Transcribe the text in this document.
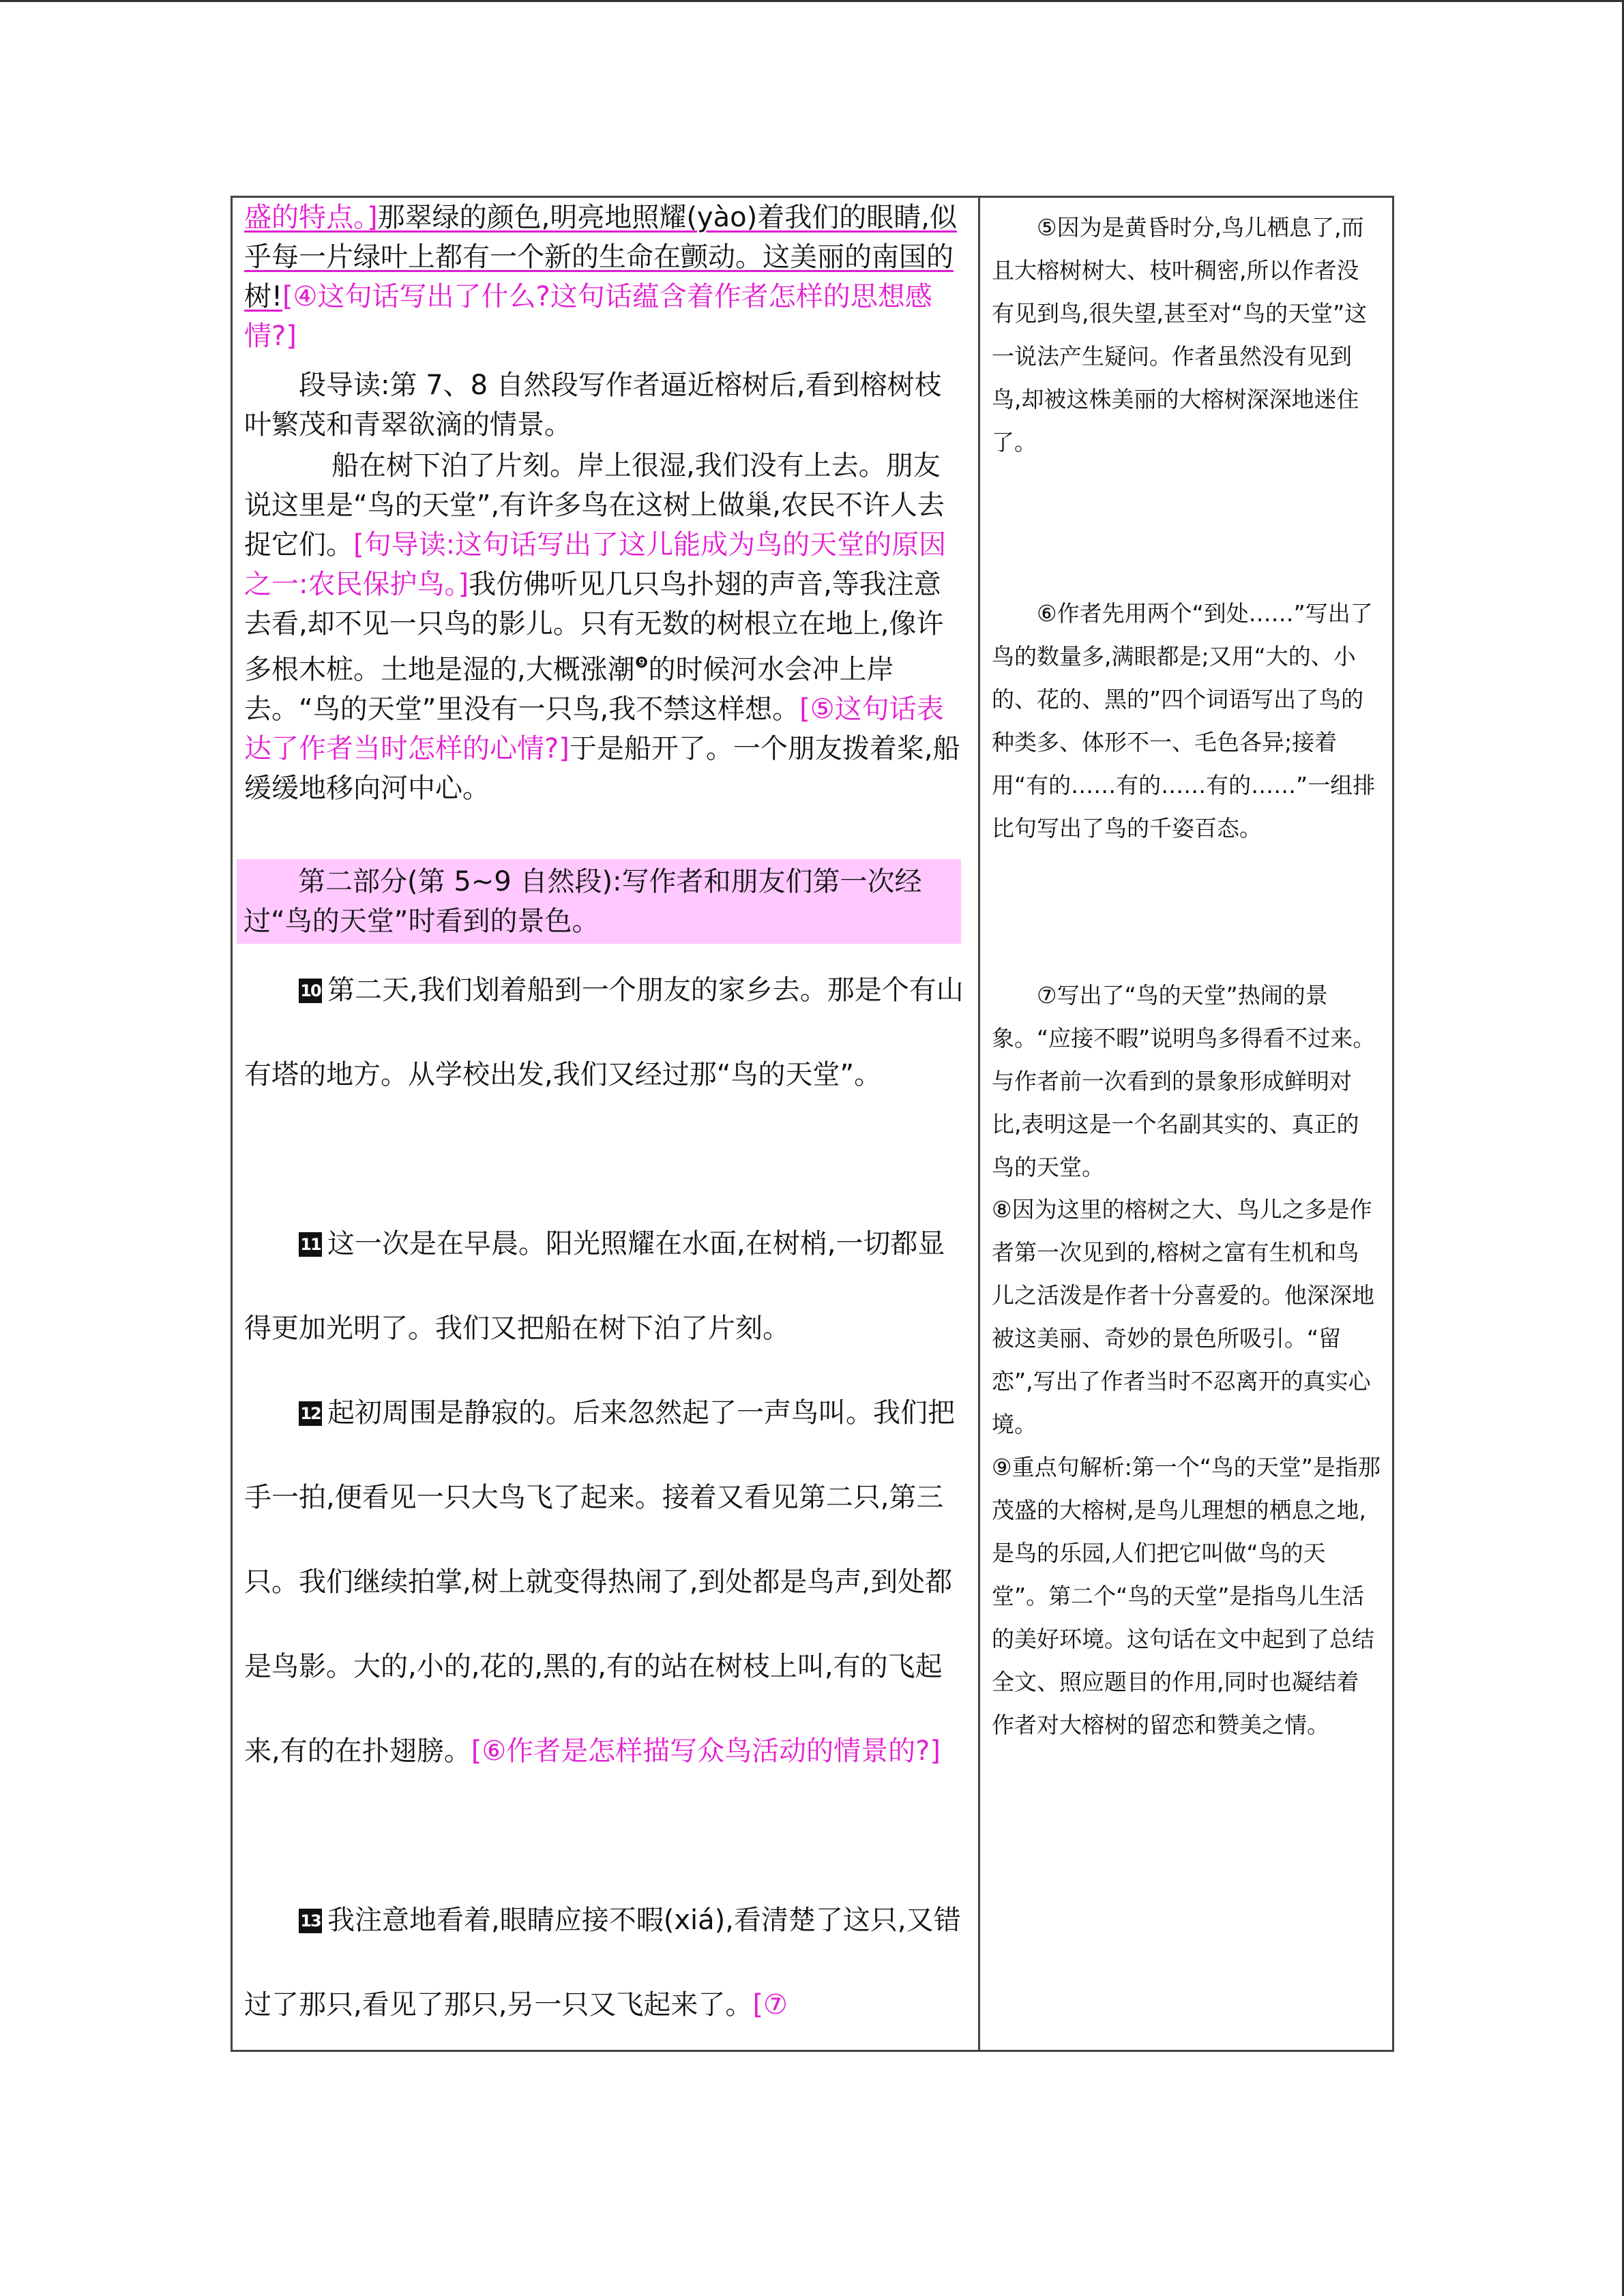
盛的特点。]那翠绿的颜色,明亮地照耀(yào)着我们的眼睛,似乎每一片绿叶上都有一个新的生命在颤动。这美丽的南国的树![④这句话写出了什么?这句话蕴含着作者怎样的思想感情?]

段导读:第 7、8 自然段写作者逼近榕树后,看到榕树枝叶繁茂和青翠欲滴的情景。

船在树下泊了片刻。岸上很湿,我们没有上去。朋友说这里是“鸟的天堂”,有许多鸟在这树上做巢,农民不许人去捉它们。[句导读:这句话写出了这儿能成为鸟的天堂的原因之一:农民保护鸟。]我仿佛听见几只鸟扑翅的声音,等我注意去看,却不见一只鸟的影儿。只有无数的树根立在地上,像许多根木桩。土地是湿的,大概涨潮$^❾$的时候河水会冲上岸去。“鸟的天堂”里没有一只鸟,我不禁这样想。[⑤这句话表达了作者当时怎样的心情?]于是船开了。一个朋友拨着桨,船缓缓地移向河中心。

第二部分(第 5~9 自然段):写作者和朋友们第一次经过“鸟的天堂”时看到的景色。

10 第二天,我们划着船到一个朋友的家乡去。那是个有山有塔的地方。从学校出发,我们又经过那“鸟的天堂”。

11 这一次是在早晨。阳光照耀在水面,在树梢,一切都显得更加光明了。我们又把船在树下泊了片刻。

12 起初周围是静寂的。后来忽然起了一声鸟叫。我们把手一拍,便看见一只大鸟飞了起来。接着又看见第二只,第三只。我们继续拍掌,树上就变得热闹了,到处都是鸟声,到处都是鸟影。大的,小的,花的,黑的,有的站在树枝上叫,有的飞起来,有的在扑翅膀。[⑥作者是怎样描写众鸟活动的情景的?]

13 我注意地看着,眼睛应接不暇(xiá),看清楚了这只,又错过了那只,看见了那只,另一只又飞起来了。[⑦

⑤因为是黄昏时分,鸟儿栖息了,而且大榕树树大、枝叶稠密,所以作者没有见到鸟,很失望,甚至对“鸟的天堂”这一说法产生疑问。作者虽然没有见到鸟,却被这株美丽的大榕树深深地迷住了。

⑥作者先用两个“到处……”写出了鸟的数量多,满眼都是;又用“大的、小的、花的、黑的”四个词语写出了鸟的种类多、体形不一、毛色各异;接着用“有的……有的……有的……”一组排比句写出了鸟的千姿百态。

⑦写出了“鸟的天堂”热闹的景象。“应接不暇”说明鸟多得看不过来。与作者前一次看到的景象形成鲜明对比,表明这是一个名副其实的、真正的鸟的天堂。

⑧因为这里的榕树之大、鸟儿之多是作者第一次见到的,榕树之富有生机和鸟儿之活泼是作者十分喜爱的。他深深地被这美丽、奇妙的景色所吸引。“留恋”,写出了作者当时不忍离开的真实心境。

⑨重点句解析:第一个“鸟的天堂”是指那茂盛的大榕树,是鸟儿理想的栖息之地,是鸟的乐园,人们把它叫做“鸟的天堂”。第二个“鸟的天堂”是指鸟儿生活的美好环境。这句话在文中起到了总结全文、照应题目的作用,同时也凝结着作者对大榕树的留恋和赞美之情。
